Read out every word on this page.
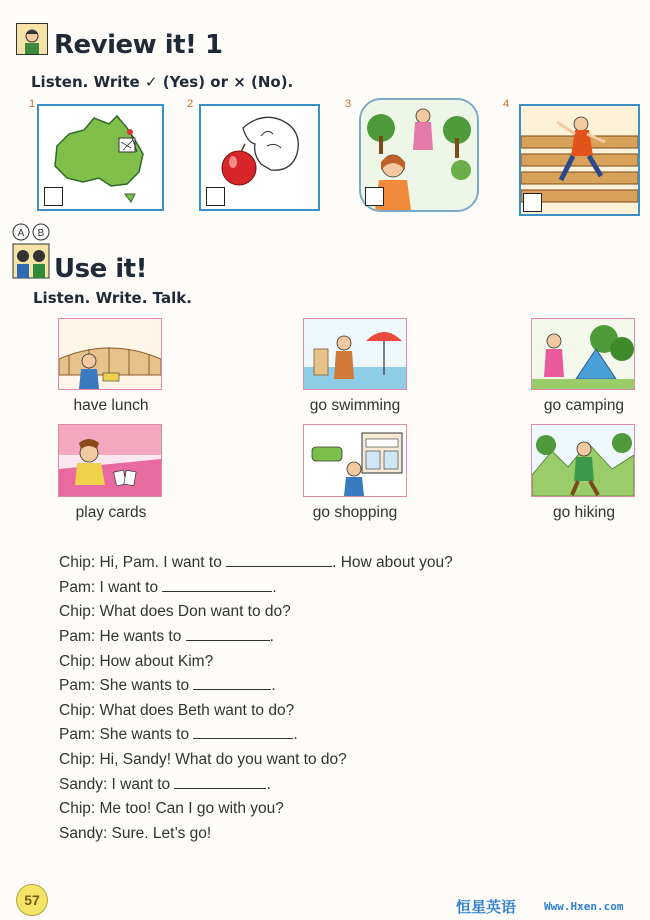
Review it! 1
Listen. Write ✓ (Yes) or × (No).
1	2	3	4
A B
Use it!
Listen. Write. Talk.
have lunch	go swimming	go camping
play cards	go shopping	go hiking
Chip: Hi, Pam. I want to	. How about you?
Pam: I want to	.
Chip: What does Don want to do?
Pam: He wants to	.
Chip: How about Kim?
Pam: She wants to	.
Chip: What does Beth want to do?
Pam: She wants to	.
Chip: Hi, Sandy! What do you want to do?
Sandy: I want to	.
Chip: Me too! Can I go with you?
Sandy: Sure. Let’s go!
57	恒星英语	Www.Hxen.com
